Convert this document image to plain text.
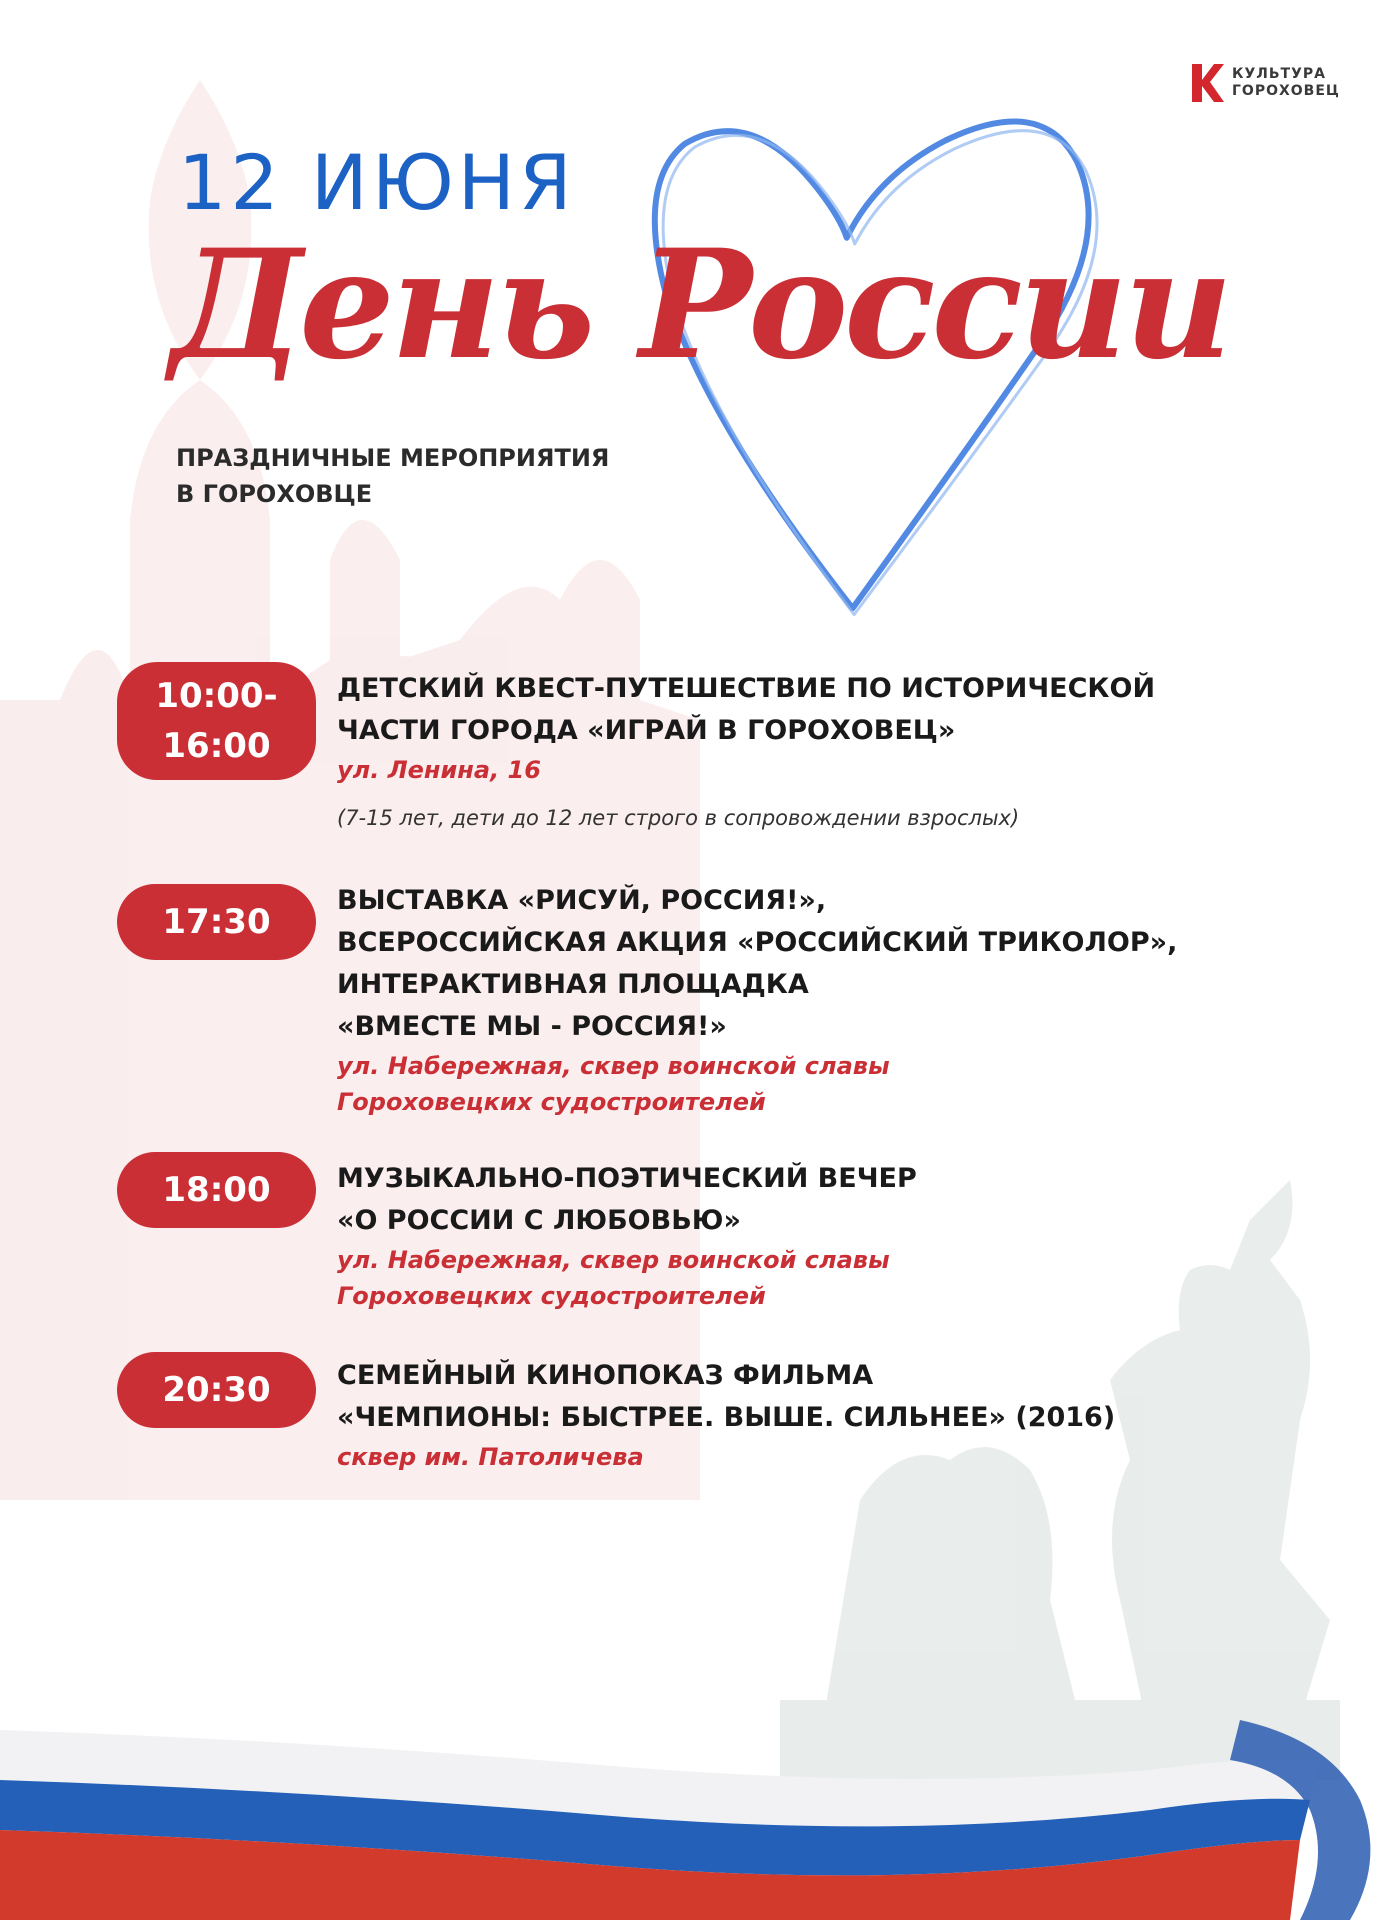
КУЛЬТУРА
ГОРОХОВЕЦ
12 ИЮНЯ
День России
ПРАЗДНИЧНЫЕ МЕРОПРИЯТИЯ
В ГОРОХОВЦЕ
10:00-
16:00
ДЕТСКИЙ КВЕСТ-ПУТЕШЕСТВИЕ ПО ИСТОРИЧЕСКОЙ
ЧАСТИ ГОРОДА «ИГРАЙ В ГОРОХОВЕЦ»
ул. Ленина, 16
(7-15 лет, дети до 12 лет строго в сопровождении взрослых)
17:30
ВЫСТАВКА «РИСУЙ, РОССИЯ!»,
ВСЕРОССИЙСКАЯ АКЦИЯ «РОССИЙСКИЙ ТРИКОЛОР»,
ИНТЕРАКТИВНАЯ ПЛОЩАДКА
«ВМЕСТЕ МЫ - РОССИЯ!»
ул. Набережная, сквер воинской славы
Гороховецких судостроителей
18:00 МУЗЫКАЛЬНО-ПОЭТИЧЕСКИЙ ВЕЧЕР
«О РОССИИ С ЛЮБОВЬЮ»
ул. Набережная, сквер воинской славы
Гороховецких судостроителей
20:30 СЕМЕЙНЫЙ КИНОПОКАЗ ФИЛЬМА
«ЧЕМПИОНЫ: БЫСТРЕЕ. ВЫШЕ. СИЛЬНЕЕ» (2016)
сквер им. Патоличева
